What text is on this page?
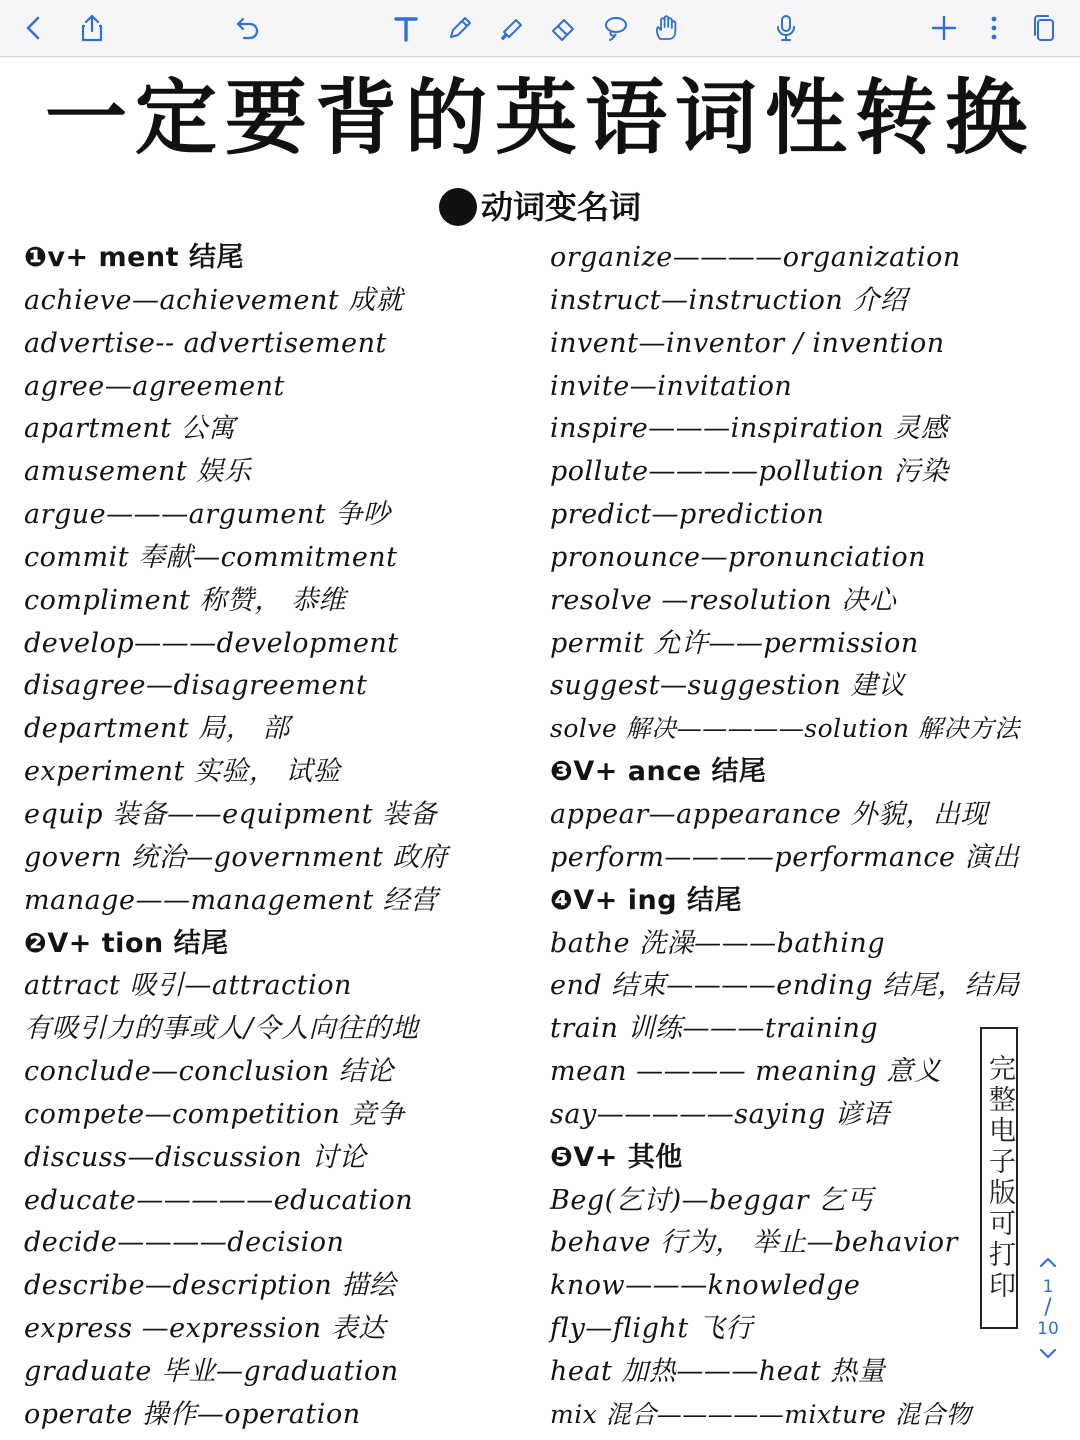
一定要背的英语词性转换
动词变名词
❶v+ ment 结尾
achieve—achievement 成就
advertise-- advertisement
agree—agreement
apartment 公寓
amusement 娱乐
argue———argument 争吵
commit 奉献—commitment
compliment 称赞， 恭维
develop———development
disagree—disagreement
department 局， 部
experiment 实验， 试验
equip 装备——equipment 装备
govern 统治—government 政府
manage——management 经营
❷V+ tion 结尾
attract 吸引—attraction
有吸引力的事或人/令人向往的地
conclude—conclusion 结论
compete—competition 竞争
discuss—discussion 讨论
educate—————education
decide————decision
describe—description 描绘
express —expression 表达
graduate 毕业—graduation
operate 操作—operation
organize————organization
instruct—instruction 介绍
invent—inventor / invention
invite—invitation
inspire———inspiration 灵感
pollute————pollution 污染
predict—prediction
pronounce—pronunciation
resolve —resolution 决心
permit 允许——permission
suggest—suggestion 建议
solve 解决—————solution 解决方法
❸V+ ance 结尾
appear—appearance 外貌，出现
perform————performance 演出
❹V+ ing 结尾
bathe 洗澡———bathing
end 结束————ending 结尾，结局
train 训练———training
mean ———— meaning 意义
say—————saying 谚语
❺V+ 其他
Beg(乞讨)—beggar 乞丐
behave 行为， 举止—behavior
know———knowledge
fly—flight 飞行
heat 加热———heat 热量
mix 混合—————mixture 混合物
完整电子版可打印	1
/
10
